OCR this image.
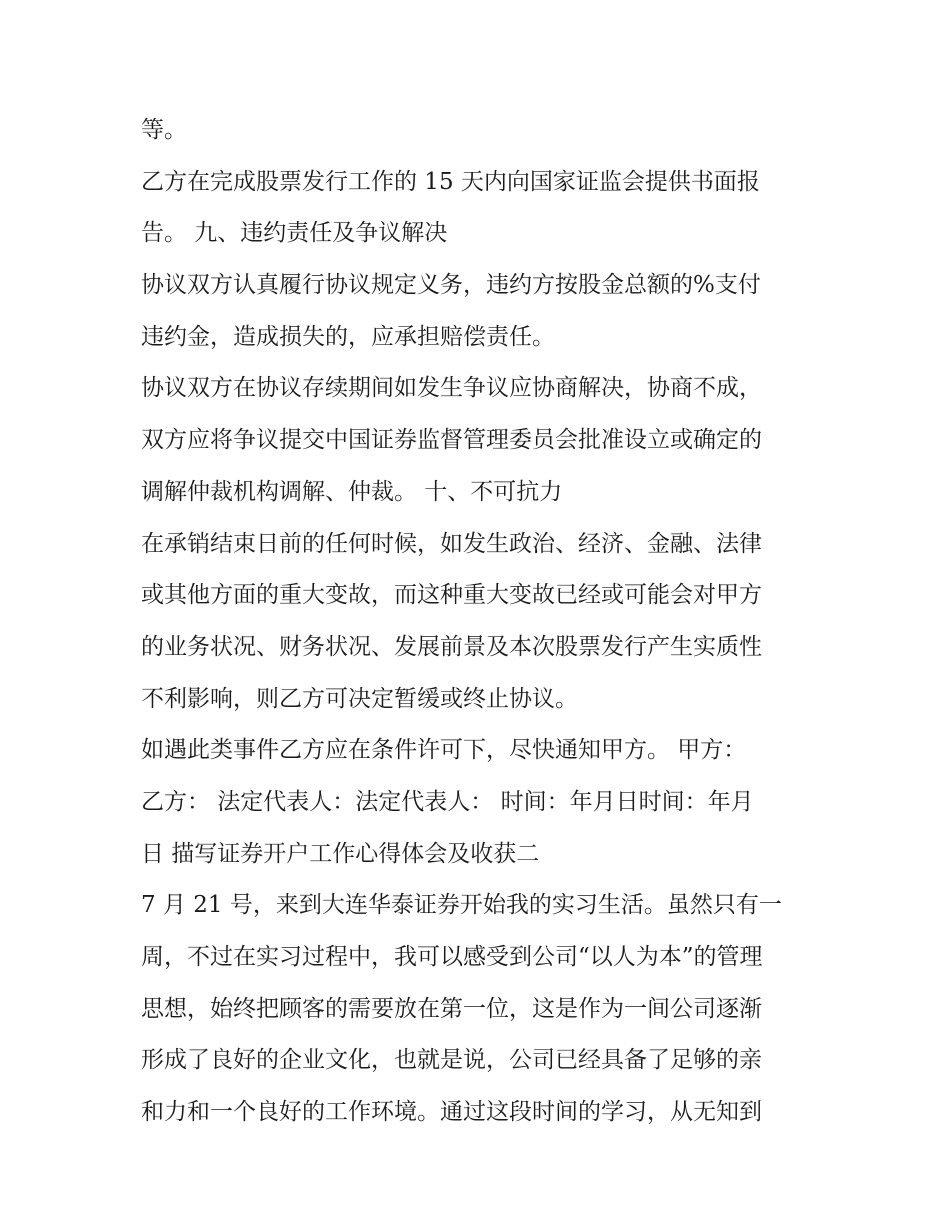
等。
乙方在完成股票发行工作的 15 天内向国家证监会提供书面报
告。 九、违约责任及争议解决
协议双方认真履行协议规定义务，违约方按股金总额的%支付
违约金，造成损失的，应承担赔偿责任。
协议双方在协议存续期间如发生争议应协商解决，协商不成，
双方应将争议提交中国证券监督管理委员会批准设立或确定的
调解仲裁机构调解、仲裁。 十、不可抗力
在承销结束日前的任何时候，如发生政治、经济、金融、法律
或其他方面的重大变故，而这种重大变故已经或可能会对甲方
的业务状况、财务状况、发展前景及本次股票发行产生实质性
不利影响，则乙方可决定暂缓或终止协议。
如遇此类事件乙方应在条件许可下，尽快通知甲方。 甲方：
乙方： 法定代表人：法定代表人： 时间：年月日时间：年月
日 描写证券开户工作心得体会及收获二
7 月 21 号，来到大连华泰证券开始我的实习生活。虽然只有一
周，不过在实习过程中，我可以感受到公司“以人为本”的管理
思想，始终把顾客的需要放在第一位，这是作为一间公司逐渐
形成了良好的企业文化，也就是说，公司已经具备了足够的亲
和力和一个良好的工作环境。通过这段时间的学习，从无知到
